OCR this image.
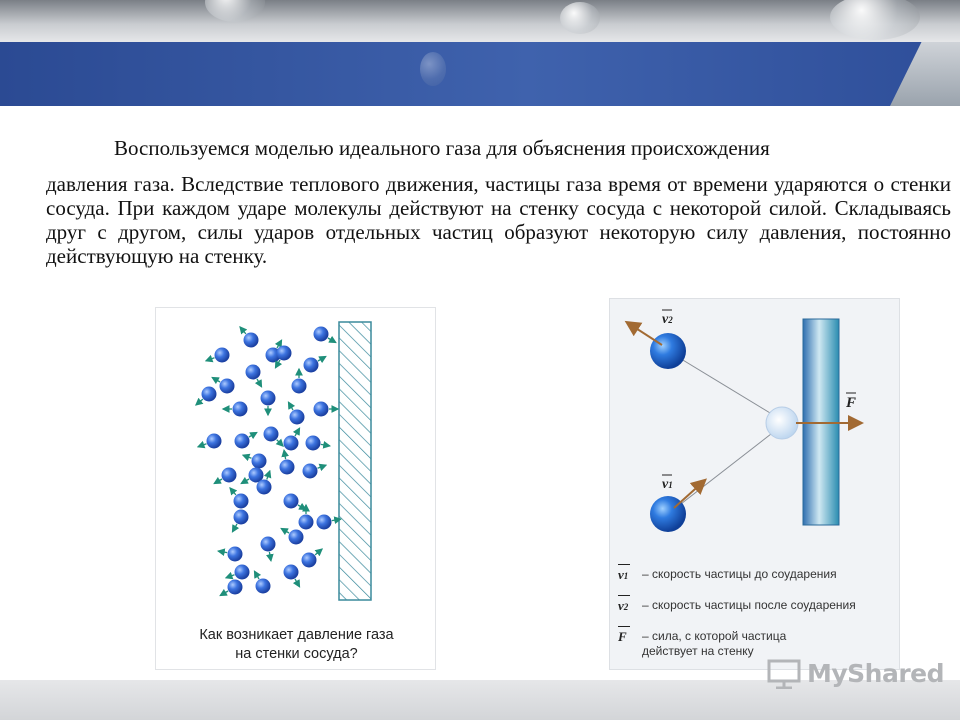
Воспользуемся моделью идеального газа для объяснения происхождения
давления газа. Вследствие теплового движения, частицы газа время от времени ударяются о стенки сосуда. При каждом ударе молекулы действуют на стенку сосуда с некоторой силой. Складываясь друг с другом, силы ударов отдельных частиц образуют некоторую силу давления, постоянно действующую на стенку.

Как возникает давление газа
на стенки сосуда?
v2
v1
F
v1	– скорость частицы до соударения
v2	– скорость частицы после соударения
F	– сила, с которой частица действует на стенку
MyShared
